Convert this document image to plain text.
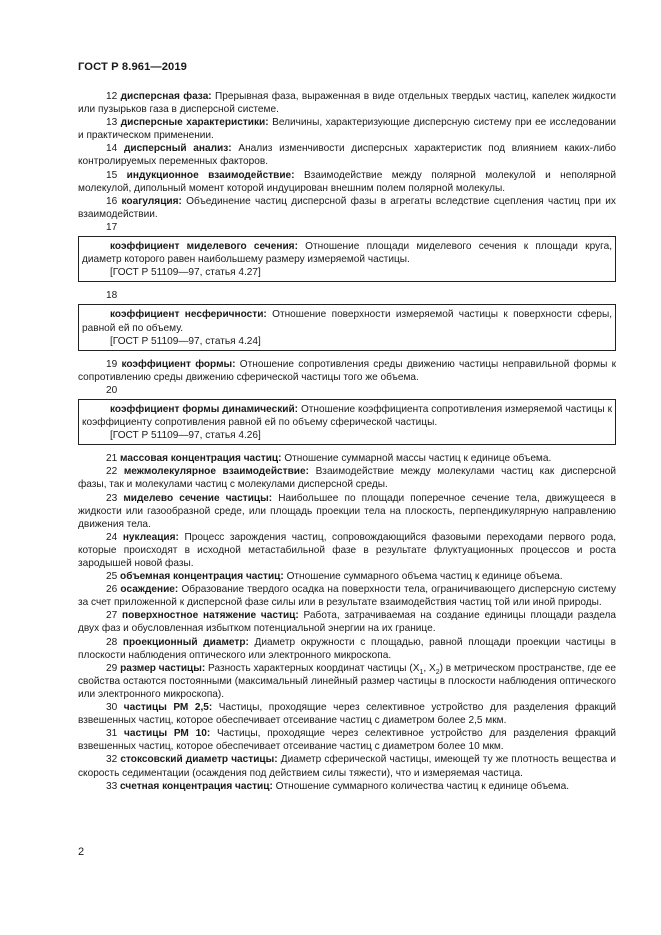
ГОСТ Р 8.961—2019

12 дисперсная фаза: Прерывная фаза, выраженная в виде отдельных твердых частиц, капелек жидкости или пузырьков газа в дисперсной системе.

13 дисперсные характеристики: Величины, характеризующие дисперсную систему при ее исследовании и практическом применении.

14 дисперсный анализ: Анализ изменчивости дисперсных характеристик под влиянием каких-либо контролируемых переменных факторов.

15 индукционное взаимодействие: Взаимодействие между полярной молекулой и неполярной молекулой, дипольный момент которой индуцирован внешним полем полярной молекулы.

16 коагуляция: Объединение частиц дисперсной фазы в агрегаты вследствие сцепления частиц при их взаимодействии.

17

коэффициент миделевого сечения: Отношение площади миделевого сечения к площади круга, диаметр которого равен наибольшему размеру измеряемой частицы.

[ГОСТ Р 51109—97, статья 4.27]

18

коэффициент несферичности: Отношение поверхности измеряемой частицы к поверхности сферы, равной ей по объему.

[ГОСТ Р 51109—97, статья 4.24]

19 коэффициент формы: Отношение сопротивления среды движению частицы неправильной формы к сопротивлению среды движению сферической частицы того же объема.

20

коэффициент формы динамический: Отношение коэффициента сопротивления измеряемой частицы к коэффициенту сопротивления равной ей по объему сферической частицы.

[ГОСТ Р 51109—97, статья 4.26]

21 массовая концентрация частиц: Отношение суммарной массы частиц к единице объема.

22 межмолекулярное взаимодействие: Взаимодействие между молекулами частиц как дисперсной фазы, так и молекулами частиц с молекулами дисперсной среды.

23 миделево сечение частицы: Наибольшее по площади поперечное сечение тела, движущееся в жидкости или газообразной среде, или площадь проекции тела на плоскость, перпендикулярную направлению движения тела.

24 нуклеация: Процесс зарождения частиц, сопровождающийся фазовыми переходами первого рода, которые происходят в исходной метастабильной фазе в результате флуктуационных процессов и роста зародышей новой фазы.

25 объемная концентрация частиц: Отношение суммарного объема частиц к единице объема.

26 осаждение: Образование твердого осадка на поверхности тела, ограничивающего дисперсную систему за счет приложенной к дисперсной фазе силы или в результате взаимодействия частиц той или иной природы.

27 поверхностное натяжение частиц: Работа, затрачиваемая на создание единицы площади раздела двух фаз и обусловленная избытком потенциальной энергии на их границе.

28 проекционный диаметр: Диаметр окружности с площадью, равной площади проекции частицы в плоскости наблюдения оптического или электронного микроскопа.

29 размер частицы: Разность характерных координат частицы ($X_1$, $X_2$) в метрическом пространстве, где ее свойства остаются постоянными (максимальный линейный размер частицы в плоскости наблюдения оптического или электронного микроскопа).

30 частицы РМ 2,5: Частицы, проходящие через селективное устройство для разделения фракций взвешенных частиц, которое обеспечивает отсеивание частиц с диаметром более 2,5 мкм.

31 частицы РМ 10: Частицы, проходящие через селективное устройство для разделения фракций взвешенных частиц, которое обеспечивает отсеивание частиц с диаметром более 10 мкм.

32 стоксовский диаметр частицы: Диаметр сферической частицы, имеющей ту же плотность вещества и скорость седиментации (осаждения под действием силы тяжести), что и измеряемая частица.

33 счетная концентрация частиц: Отношение суммарного количества частиц к единице объема.

2
